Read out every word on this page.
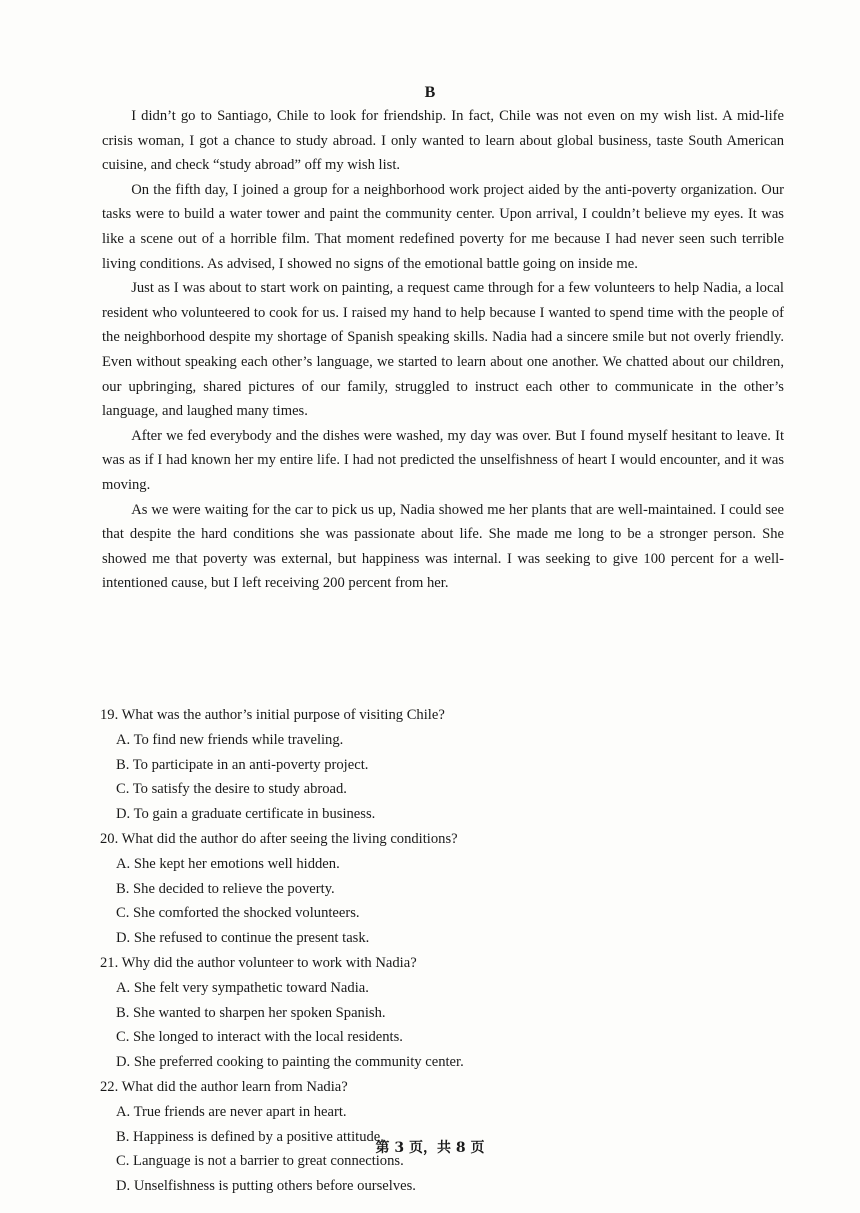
B

I didn’t go to Santiago, Chile to look for friendship. In fact, Chile was not even on my wish list. A mid-life crisis woman, I got a chance to study abroad. I only wanted to learn about global business, taste South American cuisine, and check “study abroad” off my wish list.

On the fifth day, I joined a group for a neighborhood work project aided by the anti-poverty organization. Our tasks were to build a water tower and paint the community center. Upon arrival, I couldn’t believe my eyes. It was like a scene out of a horrible film. That moment redefined poverty for me because I had never seen such terrible living conditions. As advised, I showed no signs of the emotional battle going on inside me.

Just as I was about to start work on painting, a request came through for a few volunteers to help Nadia, a local resident who volunteered to cook for us. I raised my hand to help because I wanted to spend time with the people of the neighborhood despite my shortage of Spanish speaking skills. Nadia had a sincere smile but not overly friendly. Even without speaking each other’s language, we started to learn about one another. We chatted about our children, our upbringing, shared pictures of our family, struggled to instruct each other to communicate in the other’s language, and laughed many times.

After we fed everybody and the dishes were washed, my day was over. But I found myself hesitant to leave. It was as if I had known her my entire life. I had not predicted the unselfishness of heart I would encounter, and it was moving.

As we were waiting for the car to pick us up, Nadia showed me her plants that are well-maintained. I could see that despite the hard conditions she was passionate about life. She made me long to be a stronger person. She showed me that poverty was external, but happiness was internal. I was seeking to give 100 percent for a well-intentioned cause, but I left receiving 200 percent from her.

19. What was the author’s initial purpose of visiting Chile?

A. To find new friends while traveling.
B. To participate in an anti-poverty project.
C. To satisfy the desire to study abroad.
D. To gain a graduate certificate in business.

20. What did the author do after seeing the living conditions?

A. She kept her emotions well hidden.
B. She decided to relieve the poverty.
C. She comforted the shocked volunteers.
D. She refused to continue the present task.

21. Why did the author volunteer to work with Nadia?

A. She felt very sympathetic toward Nadia.
B. She wanted to sharpen her spoken Spanish.
C. She longed to interact with the local residents.
D. She preferred cooking to painting the community center.

22. What did the author learn from Nadia?

A. True friends are never apart in heart.
B. Happiness is defined by a positive attitude.
C. Language is not a barrier to great connections.
D. Unselfishness is putting others before ourselves.
第 3 页，共 8 页
